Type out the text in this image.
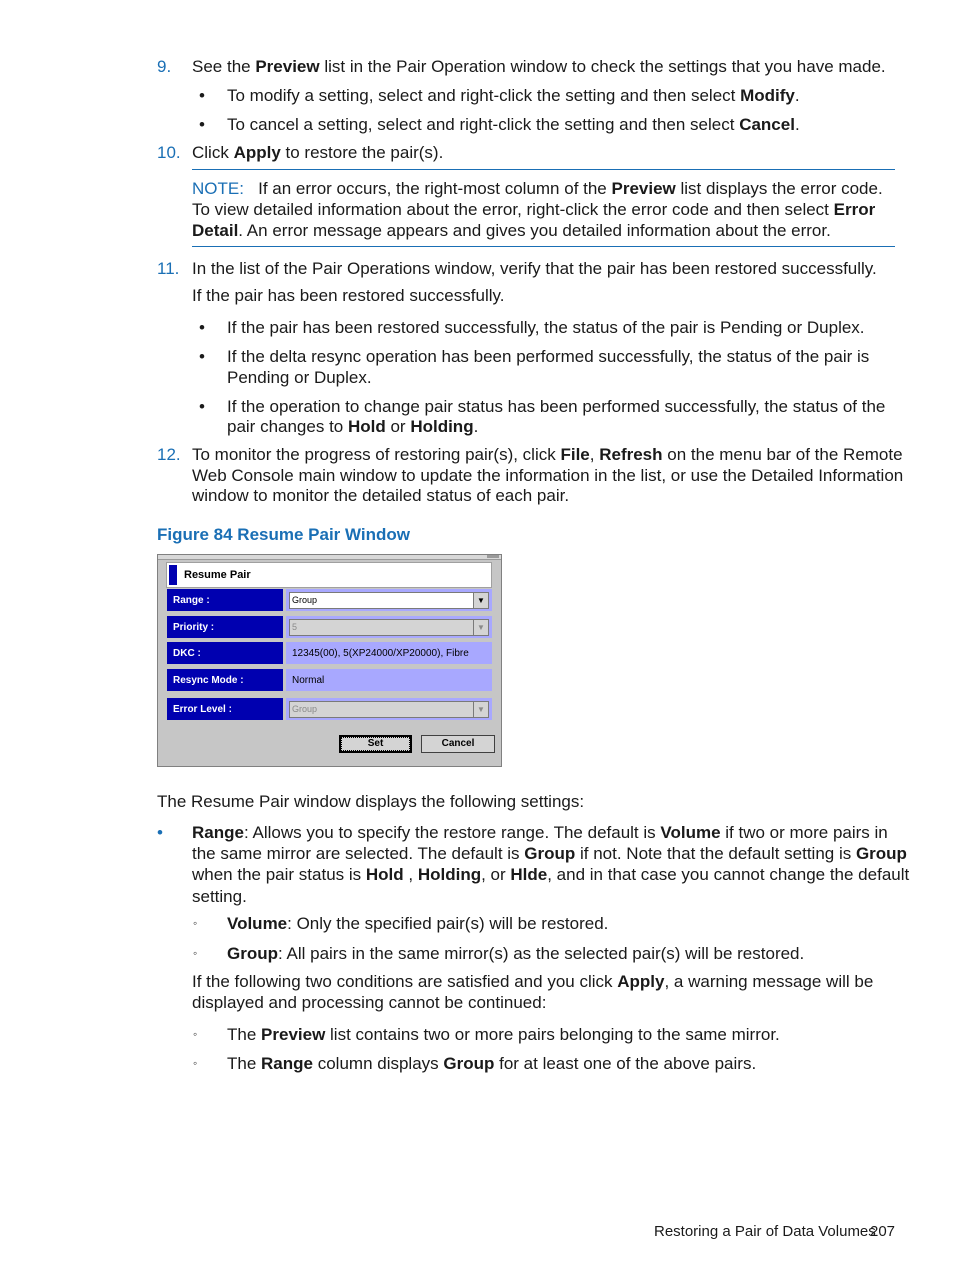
9. See the Preview list in the Pair Operation window to check the settings that you have made.
• To modify a setting, select and right-click the setting and then select Modify.
• To cancel a setting, select and right-click the setting and then select Cancel.
10. Click Apply to restore the pair(s).
NOTE: If an error occurs, the right-most column of the Preview list displays the error code.
To view detailed information about the error, right-click the error code and then select Error
Detail. An error message appears and gives you detailed information about the error.
11. In the list of the Pair Operations window, verify that the pair has been restored successfully.
If the pair has been restored successfully.
• If the pair has been restored successfully, the status of the pair is Pending or Duplex.
• If the delta resync operation has been performed successfully, the status of the pair is
Pending or Duplex.
• If the operation to change pair status has been performed successfully, the status of the
pair changes to Hold or Holding.
12. To monitor the progress of restoring pair(s), click File, Refresh on the menu bar of the Remote
Web Console main window to update the information in the list, or use the Detailed Information
window to monitor the detailed status of each pair.
Figure 84 Resume Pair Window
Resume Pair
Range :	Group	▼
Priority :	5	▼
DKC :	12345(00), 5(XP24000/XP20000), Fibre
Resync Mode :	Normal
Error Level :	Group	▼
Set	Cancel
The Resume Pair window displays the following settings:
• Range: Allows you to specify the restore range. The default is Volume if two or more pairs in
the same mirror are selected. The default is Group if not. Note that the default setting is Group
when the pair status is Hold , Holding, or Hlde, and in that case you cannot change the default
setting.
◦ Volume: Only the specified pair(s) will be restored.
◦ Group: All pairs in the same mirror(s) as the selected pair(s) will be restored.
If the following two conditions are satisfied and you click Apply, a warning message will be
displayed and processing cannot be continued:
◦ The Preview list contains two or more pairs belonging to the same mirror.
◦ The Range column displays Group for at least one of the above pairs.
Restoring a Pair of Data Volumes
207
